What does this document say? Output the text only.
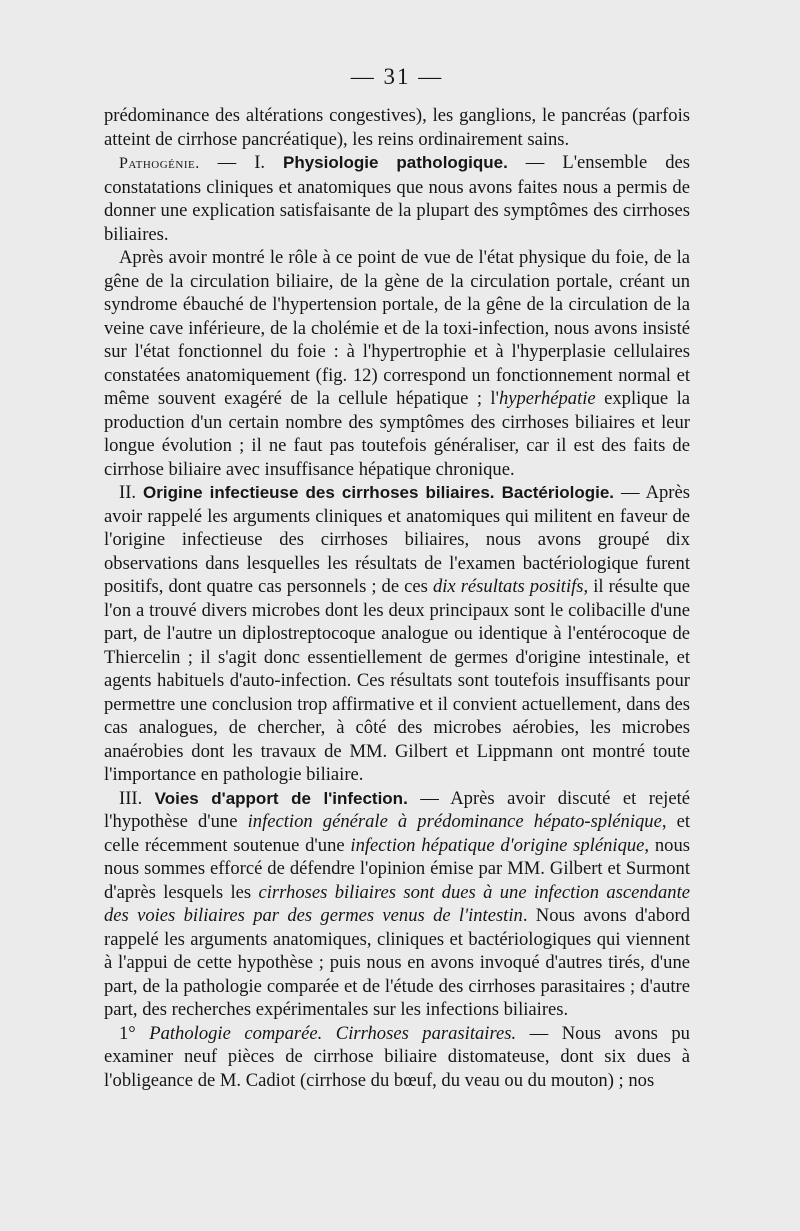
— 31 —

prédominance des altérations congestives), les ganglions, le pancréas (parfois atteint de cirrhose pancréatique), les reins ordinairement sains.

Pathogénie. — I. Physiologie pathologique. — L'ensemble des constatations cliniques et anatomiques que nous avons faites nous a permis de donner une explication satisfaisante de la plupart des symptômes des cirrhoses biliaires.

Après avoir montré le rôle à ce point de vue de l'état physique du foie, de la gêne de la circulation biliaire, de la gène de la circulation portale, créant un syndrome ébauché de l'hypertension portale, de la gêne de la circulation de la veine cave inférieure, de la cholémie et de la toxi-infection, nous avons insisté sur l'état fonctionnel du foie : à l'hypertrophie et à l'hyperplasie cellulaires constatées anatomiquement (fig. 12) correspond un fonctionnement normal et même souvent exagéré de la cellule hépatique ; l'hyperhépatie explique la production d'un certain nombre des symptômes des cirrhoses biliaires et leur longue évolution ; il ne faut pas toutefois généraliser, car il est des faits de cirrhose biliaire avec insuffisance hépatique chronique.

II. Origine infectieuse des cirrhoses biliaires. Bactériologie. — Après avoir rappelé les arguments cliniques et anatomiques qui militent en faveur de l'origine infectieuse des cirrhoses biliaires, nous avons groupé dix observations dans lesquelles les résultats de l'examen bactériologique furent positifs, dont quatre cas personnels ; de ces dix résultats positifs, il résulte que l'on a trouvé divers microbes dont les deux principaux sont le colibacille d'une part, de l'autre un diplostreptocoque analogue ou identique à l'entérocoque de Thiercelin ; il s'agit donc essentiellement de germes d'origine intestinale, et agents habituels d'auto-infection. Ces résultats sont toutefois insuffisants pour permettre une conclusion trop affirmative et il convient actuellement, dans des cas analogues, de chercher, à côté des microbes aérobies, les microbes anaérobies dont les travaux de MM. Gilbert et Lippmann ont montré toute l'importance en pathologie biliaire.

III. Voies d'apport de l'infection. — Après avoir discuté et rejeté l'hypothèse d'une infection générale à prédominance hépato-splénique, et celle récemment soutenue d'une infection hépatique d'origine splénique, nous nous sommes efforcé de défendre l'opinion émise par MM. Gilbert et Surmont d'après lesquels les cirrhoses biliaires sont dues à une infection ascendante des voies biliaires par des germes venus de l'intestin. Nous avons d'abord rappelé les arguments anatomiques, cliniques et bactériologiques qui viennent à l'appui de cette hypothèse ; puis nous en avons invoqué d'autres tirés, d'une part, de la pathologie comparée et de l'étude des cirrhoses parasitaires ; d'autre part, des recherches expérimentales sur les infections biliaires.

1° Pathologie comparée. Cirrhoses parasitaires. — Nous avons pu examiner neuf pièces de cirrhose biliaire distomateuse, dont six dues à l'obligeance de M. Cadiot (cirrhose du bœuf, du veau ou du mouton) ; nos
